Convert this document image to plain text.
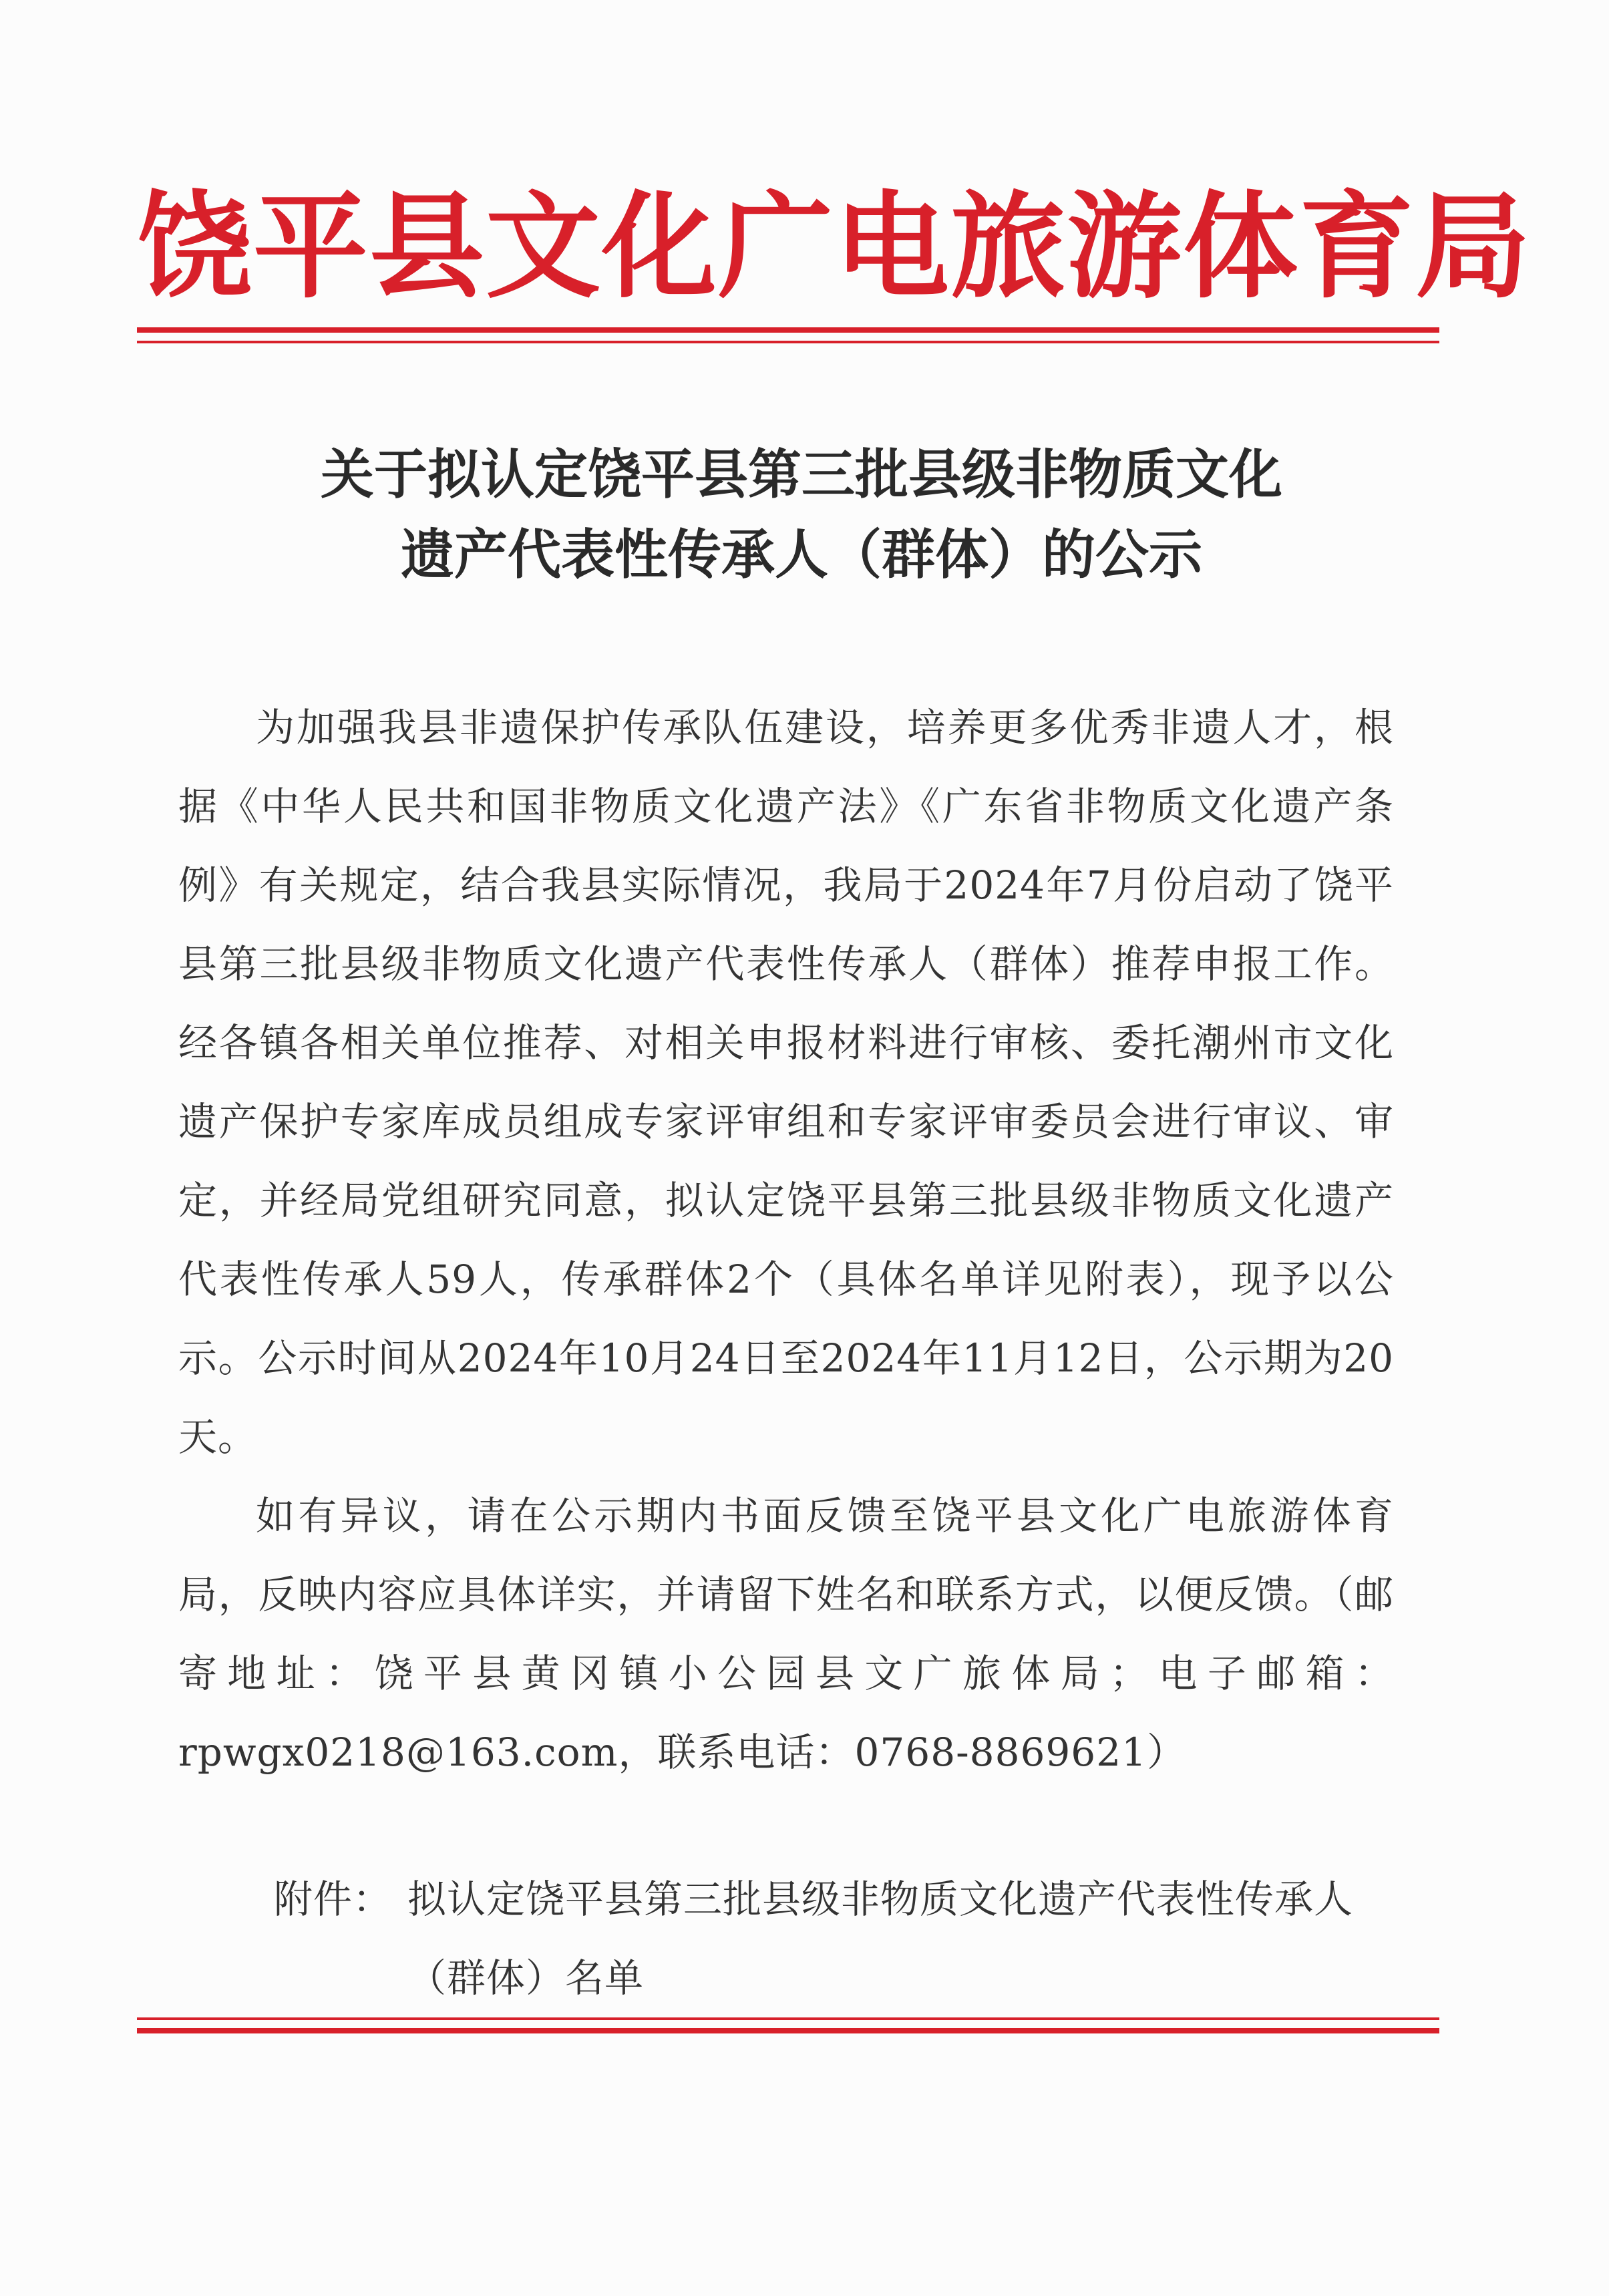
饶平县文化广电旅游体育局
关于拟认定饶平县第三批县级非物质文化
遗产代表性传承人（群体）的公示

为加强我县非遗保护传承队伍建设，培养更多优秀非遗人才，根据《中华人民共和国非物质文化遗产法》《广东省非物质文化遗产条例》有关规定，结合我县实际情况，我局于2024年7月份启动了饶平县第三批县级非物质文化遗产代表性传承人（群体）推荐申报工作。经各镇各相关单位推荐、对相关申报材料进行审核、委托潮州市文化遗产保护专家库成员组成专家评审组和专家评审委员会进行审议、审定，并经局党组研究同意，拟认定饶平县第三批县级非物质文化遗产代表性传承人59人，传承群体2个（具体名单详见附表），现予以公示。公示时间从2024年10月24日至2024年11月12日，公示期为20天。

如有异议，请在公示期内书面反馈至饶平县文化广电旅游体育局，反映内容应具体详实，并请留下姓名和联系方式，以便反馈。（邮寄地址：饶平县黄冈镇小公园县文广旅体局；电子邮箱：rpwgx0218@163.com，联系电话：0768-8869621）

附件： 拟认定饶平县第三批县级非物质文化遗产代表性传承人（群体）名单
